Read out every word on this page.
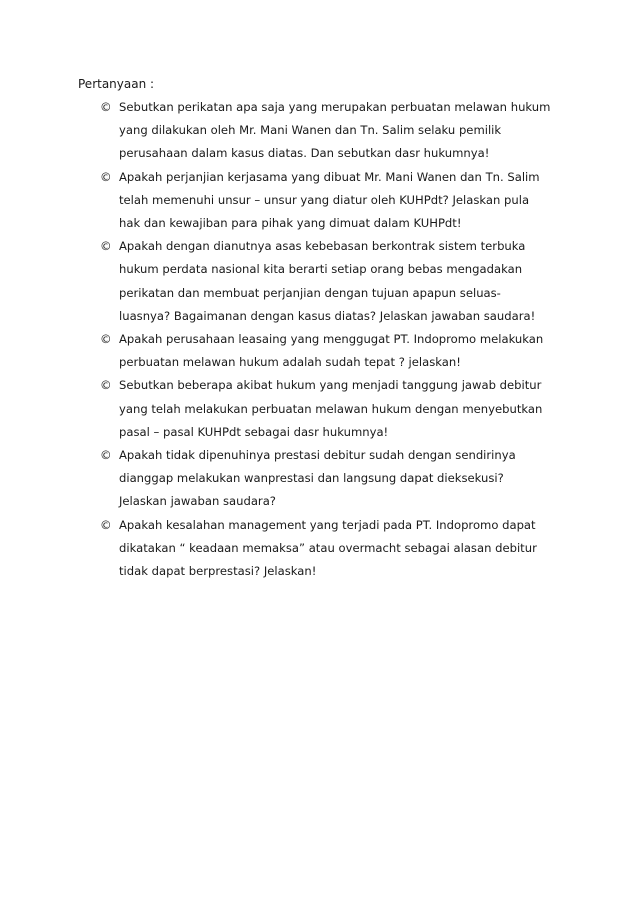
Pertanyaan :
© Sebutkan perikatan apa saja yang merupakan perbuatan melawan hukum
yang dilakukan oleh Mr. Mani Wanen dan Tn. Salim selaku pemilik
perusahaan dalam kasus diatas. Dan sebutkan dasr hukumnya!
© Apakah perjanjian kerjasama yang dibuat Mr. Mani Wanen dan Tn. Salim
telah memenuhi unsur – unsur yang diatur oleh KUHPdt? Jelaskan pula
hak dan kewajiban para pihak yang dimuat dalam KUHPdt!
© Apakah dengan dianutnya asas kebebasan berkontrak sistem terbuka
hukum perdata nasional kita berarti setiap orang bebas mengadakan
perikatan dan membuat perjanjian dengan tujuan apapun seluas-
luasnya? Bagaimanan dengan kasus diatas? Jelaskan jawaban saudara!
© Apakah perusahaan leasaing yang menggugat PT. Indopromo melakukan
perbuatan melawan hukum adalah sudah tepat ? jelaskan!
© Sebutkan beberapa akibat hukum yang menjadi tanggung jawab debitur
yang telah melakukan perbuatan melawan hukum dengan menyebutkan
pasal – pasal KUHPdt sebagai dasr hukumnya!
© Apakah tidak dipenuhinya prestasi debitur sudah dengan sendirinya
dianggap melakukan wanprestasi dan langsung dapat dieksekusi?
Jelaskan jawaban saudara?
© Apakah kesalahan management yang terjadi pada PT. Indopromo dapat
dikatakan “ keadaan memaksa” atau overmacht sebagai alasan debitur
tidak dapat berprestasi? Jelaskan!
